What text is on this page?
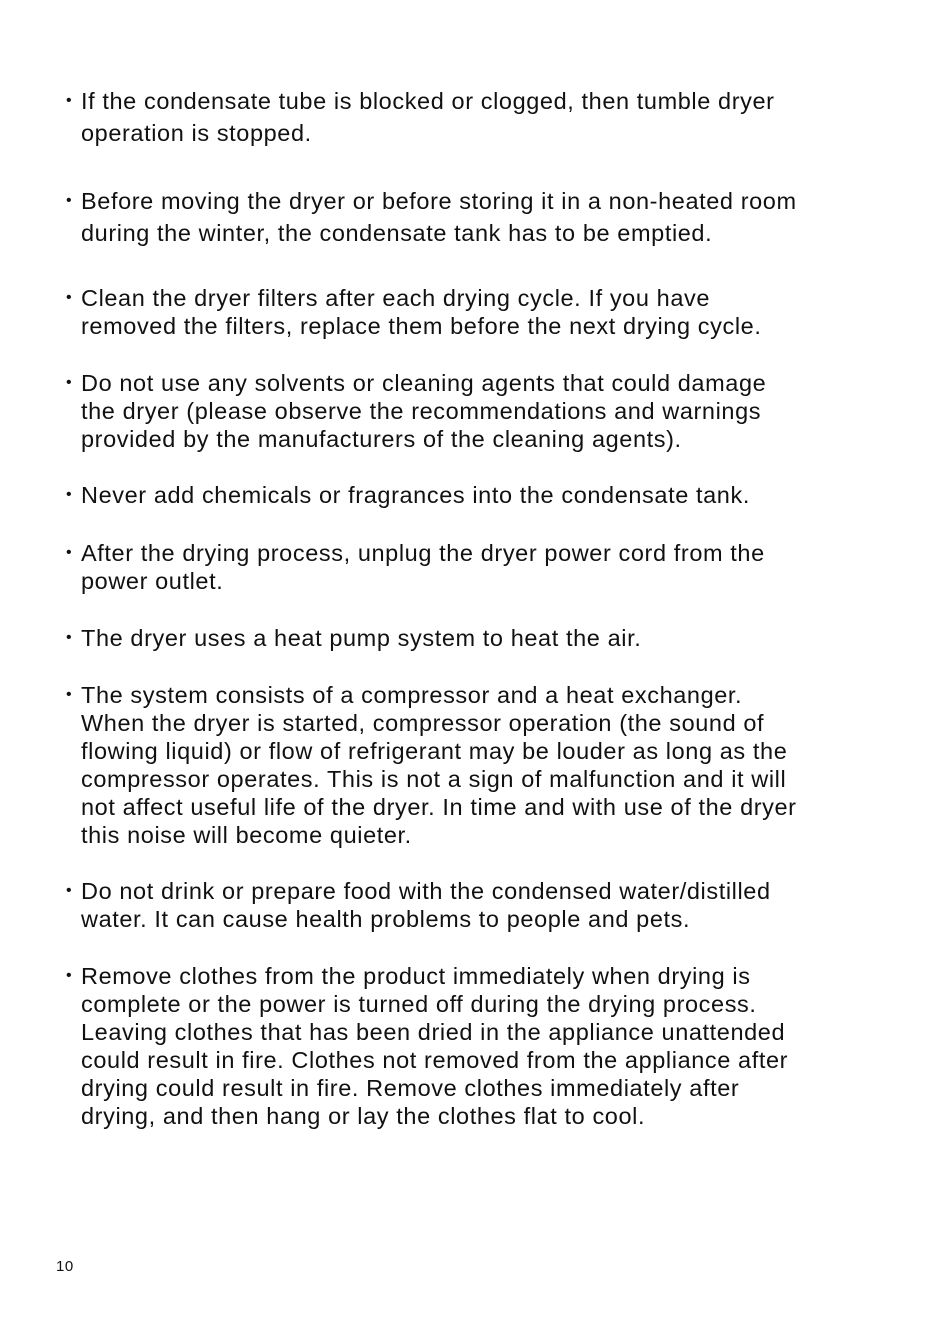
• If the condensate tube is blocked or clogged, then tumble dryer
operation is stopped.
• Before moving the dryer or before storing it in a non-heated room
during the winter, the condensate tank has to be emptied.
• Clean the dryer filters after each drying cycle. If you have
removed the filters, replace them before the next drying cycle.
• Do not use any solvents or cleaning agents that could damage
the dryer (please observe the recommendations and warnings
provided by the manufacturers of the cleaning agents).
• Never add chemicals or fragrances into the condensate tank.
• After the drying process, unplug the dryer power cord from the
power outlet.
• The dryer uses a heat pump system to heat the air.
• The system consists of a compressor and a heat exchanger.
When the dryer is started, compressor operation (the sound of
flowing liquid) or flow of refrigerant may be louder as long as the
compressor operates. This is not a sign of malfunction and it will
not affect useful life of the dryer. In time and with use of the dryer
this noise will become quieter.
• Do not drink or prepare food with the condensed water/distilled
water. It can cause health problems to people and pets.
• Remove clothes from the product immediately when drying is
complete or the power is turned off during the drying process.
Leaving clothes that has been dried in the appliance unattended
could result in fire. Clothes not removed from the appliance after
drying could result in fire. Remove clothes immediately after
drying, and then hang or lay the clothes flat to cool.
10
